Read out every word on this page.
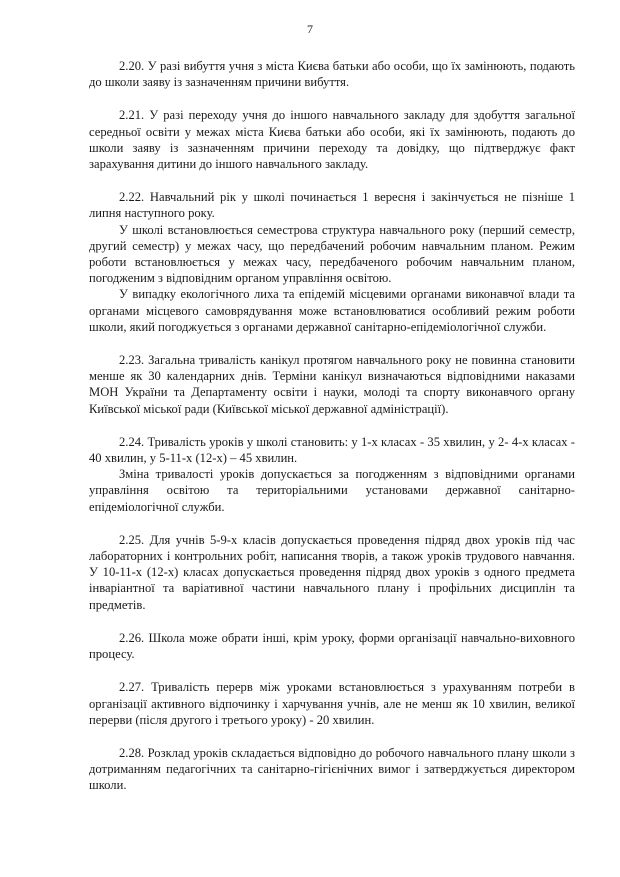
7

2.20. У разі вибуття учня з міста Києва батьки або особи, що їх замінюють, подають до школи заяву із зазначенням причини вибуття.

2.21. У разі переходу учня до іншого навчального закладу для здобуття загальної середньої освіти у межах міста Києва батьки або особи, які їх замінюють, подають до школи заяву із зазначенням причини переходу та довідку, що підтверджує факт зарахування дитини до іншого навчального закладу.

2.22. Навчальний рік у школі починається 1 вересня і закінчується не пізніше 1 липня наступного року.

У школі встановлюється семестрова структура навчального року (перший семестр, другий семестр) у межах часу, що передбачений робочим навчальним планом. Режим роботи встановлюється у межах часу, передбаченого робочим навчальним планом, погодженим з відповідним органом управління освітою.

У випадку екологічного лиха та епідемій місцевими органами виконавчої влади та органами місцевого самоврядування може встановлюватися особливий режим роботи школи, який погоджується з органами державної санітарно-епідеміологічної служби.

2.23. Загальна тривалість канікул протягом навчального року не повинна становити менше як 30 календарних днів. Терміни канікул визначаються відповідними наказами МОН України та Департаменту освіти і науки, молоді та спорту виконавчого органу Київської міської ради (Київської міської державної адміністрації).

2.24. Тривалість уроків у школі становить: у 1-х класах - 35 хвилин, у 2- 4-х класах - 40 хвилин, у 5-11-х (12-х) – 45 хвилин.

Зміна тривалості уроків допускається за погодженням з відповідними органами управління освітою та територіальними установами державної санітарно-епідеміологічної служби.

2.25. Для учнів 5-9-х класів допускається проведення підряд двох уроків під час лабораторних і контрольних робіт, написання творів, а також уроків трудового навчання. У 10-11-х (12-х) класах допускається проведення підряд двох уроків з одного предмета інваріантної та варіативної частини навчального плану і профільних дисциплін та предметів.

2.26. Школа може обрати інші, крім уроку, форми організації навчально-виховного процесу.

2.27. Тривалість перерв між уроками встановлюється з урахуванням потреби в організації активного відпочинку і харчування учнів, але не менш як 10 хвилин, великої перерви (після другого і третього уроку) - 20 хвилин.

2.28. Розклад уроків складається відповідно до робочого навчального плану школи з дотриманням педагогічних та санітарно-гігієнічних вимог і затверджується директором школи.
